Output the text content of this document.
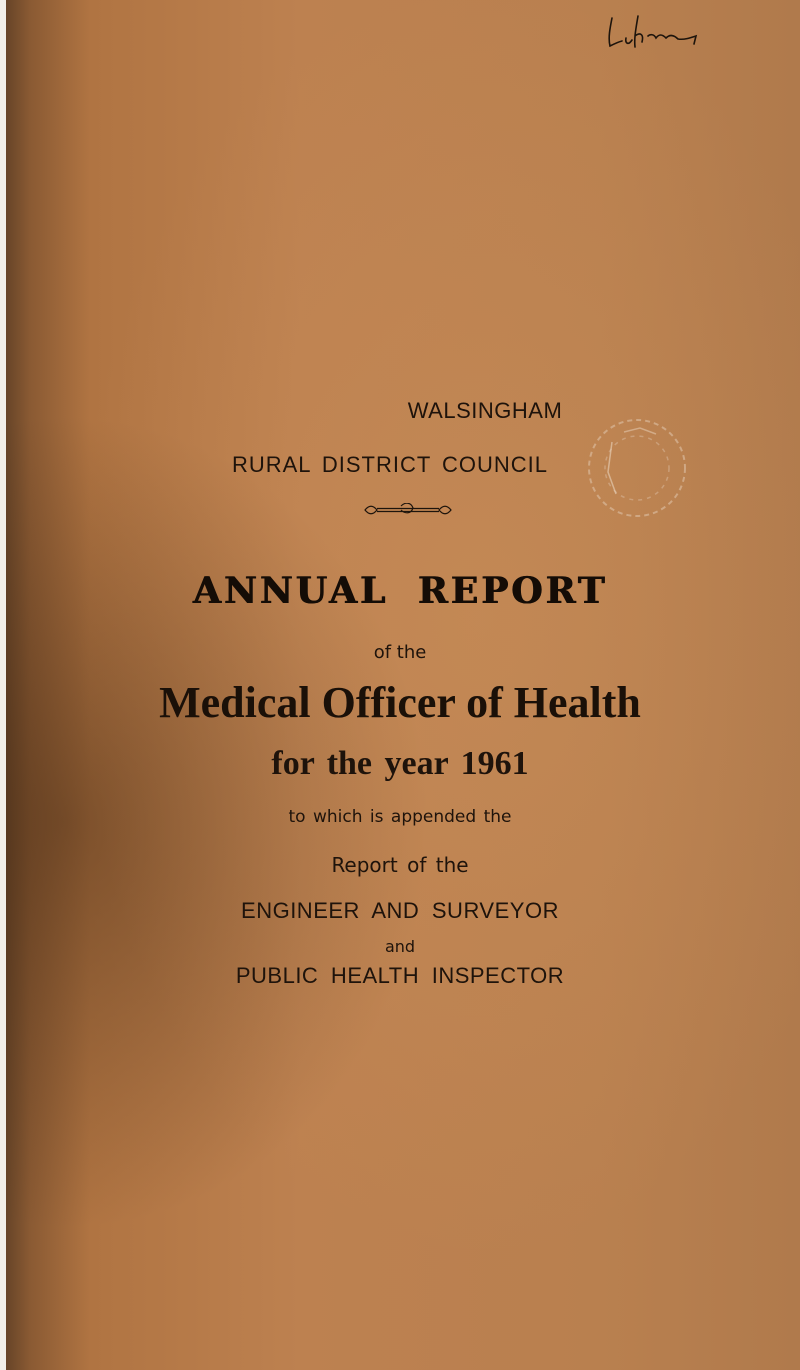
WALSINGHAM
RURAL DISTRICT COUNCIL
ANNUAL REPORT
of the
Medical Officer of Health
for the year 1961
to which is appended the
Report of the
ENGINEER AND SURVEYOR
and
PUBLIC HEALTH INSPECTOR
